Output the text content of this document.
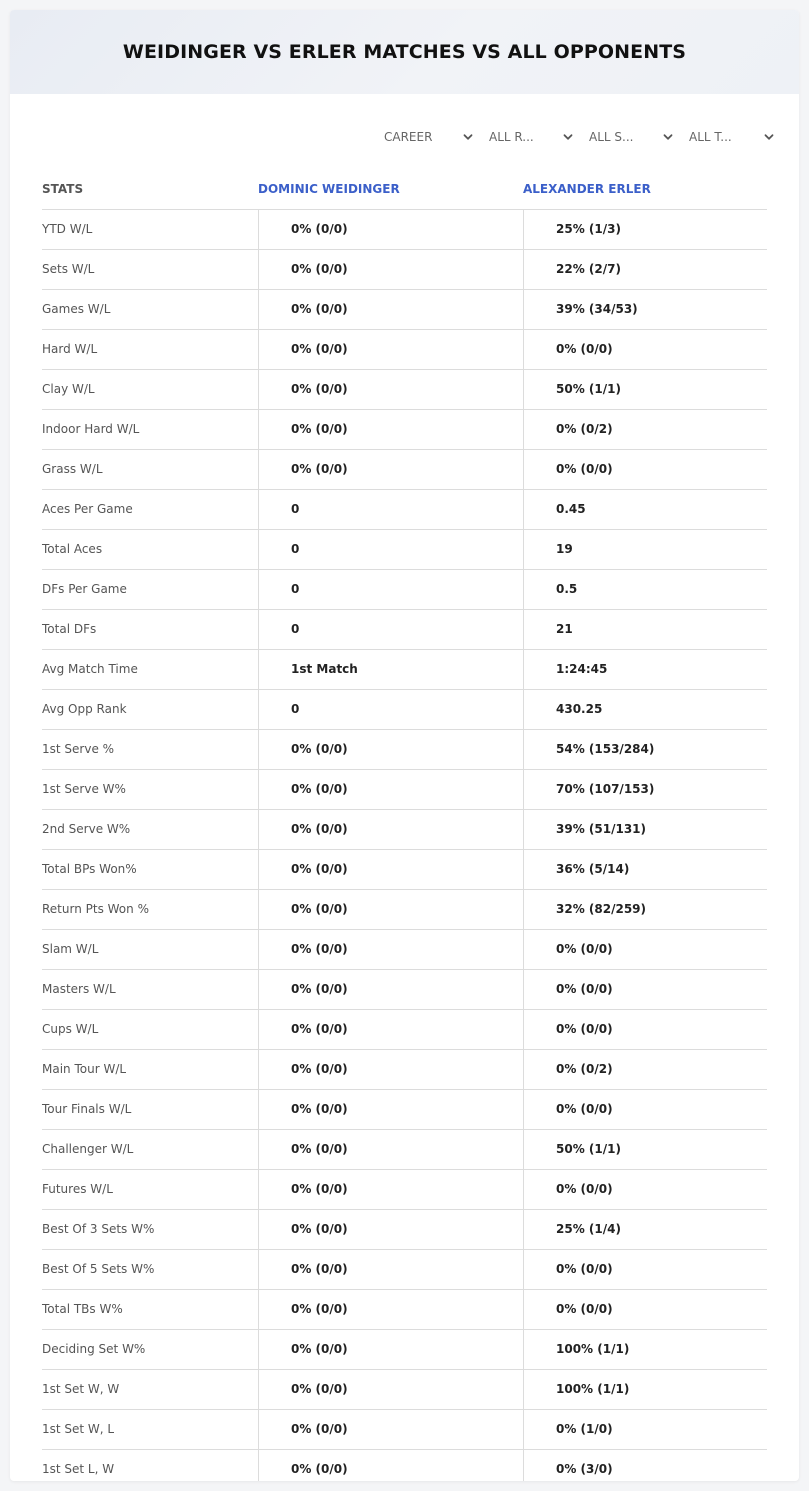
WEIDINGER VS ERLER MATCHES VS ALL OPPONENTS
CAREER	ALL R...	ALL S...	ALL T...
STATS	DOMINIC WEIDINGER	ALEXANDER ERLER
YTD W/L	0% (0/0)	25% (1/3)
Sets W/L	0% (0/0)	22% (2/7)
Games W/L	0% (0/0)	39% (34/53)
Hard W/L	0% (0/0)	0% (0/0)
Clay W/L	0% (0/0)	50% (1/1)
Indoor Hard W/L	0% (0/0)	0% (0/2)
Grass W/L	0% (0/0)	0% (0/0)
Aces Per Game	0	0.45
Total Aces	0	19
DFs Per Game	0	0.5
Total DFs	0	21
Avg Match Time	1st Match	1:24:45
Avg Opp Rank	0	430.25
1st Serve %	0% (0/0)	54% (153/284)
1st Serve W%	0% (0/0)	70% (107/153)
2nd Serve W%	0% (0/0)	39% (51/131)
Total BPs Won%	0% (0/0)	36% (5/14)
Return Pts Won %	0% (0/0)	32% (82/259)
Slam W/L	0% (0/0)	0% (0/0)
Masters W/L	0% (0/0)	0% (0/0)
Cups W/L	0% (0/0)	0% (0/0)
Main Tour W/L	0% (0/0)	0% (0/2)
Tour Finals W/L	0% (0/0)	0% (0/0)
Challenger W/L	0% (0/0)	50% (1/1)
Futures W/L	0% (0/0)	0% (0/0)
Best Of 3 Sets W%	0% (0/0)	25% (1/4)
Best Of 5 Sets W%	0% (0/0)	0% (0/0)
Total TBs W%	0% (0/0)	0% (0/0)
Deciding Set W%	0% (0/0)	100% (1/1)
1st Set W, W	0% (0/0)	100% (1/1)
1st Set W, L	0% (0/0)	0% (1/0)
1st Set L, W	0% (0/0)	0% (3/0)
